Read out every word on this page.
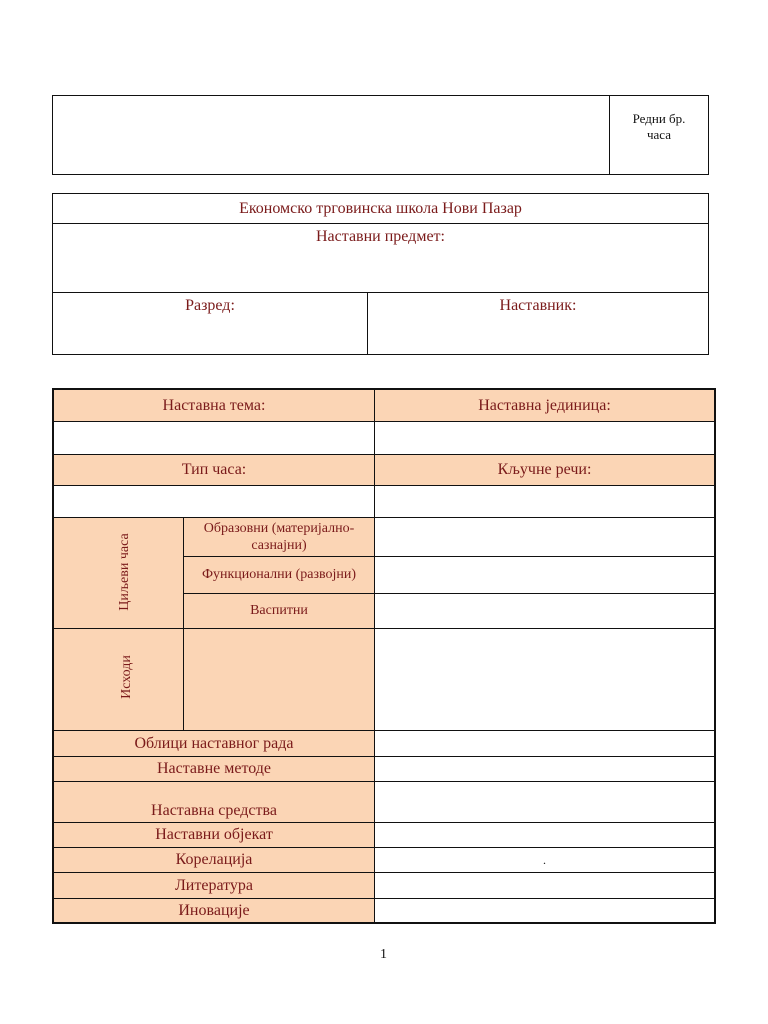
Редни бр.
часа
Економско трговинска школа Нови Пазар
Наставни предмет:
Разред:	Наставник:
Наставна тема:	Наставна јединица:
Тип часа:	Кључне речи:
Циљеви часа
Образовни (материјално-
сазнајни)
Функционални (развојни)
Васпитни
Исходи
Облици наставног рада
Наставне методе
Наставна средства
Наставни објекат
Корелација	.
Литература
Иновације
1
